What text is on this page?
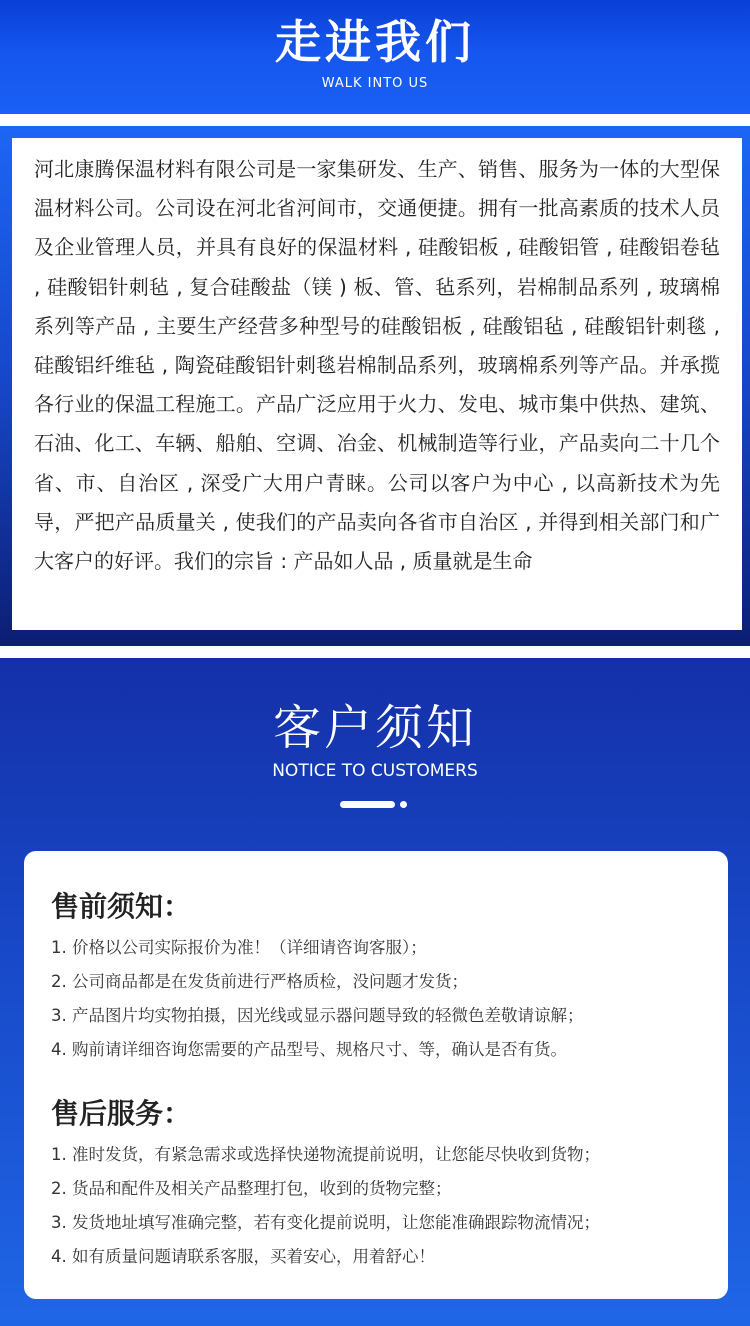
走进我们
WALK INTO US

河北康腾保温材料有限公司是一家集研发、生产、销售、服务为一体的大型保温材料公司。公司设在河北省河间市，交通便捷。拥有一批高素质的技术人员及企业管理人员，并具有良好的保温材料 , 硅酸铝板 , 硅酸铝管 , 硅酸铝卷毡 , 硅酸铝针刺毡 , 复合硅酸盐（镁 ) 板、管、毡系列，岩棉制品系列 , 玻璃棉系列等产品 , 主要生产经营多种型号的硅酸铝板 , 硅酸铝毡 , 硅酸铝针刺毯 , 硅酸铝纤维毡 , 陶瓷硅酸铝针刺毯岩棉制品系列，玻璃棉系列等产品。并承揽各行业的保温工程施工。产品广泛应用于火力、发电、城市集中供热、建筑、石油、化工、车辆、船舶、空调、冶金、机械制造等行业，产品卖向二十几个省、市、自治区 , 深受广大用户青睐。公司以客户为中心 , 以高新技术为先导，严把产品质量关 , 使我们的产品卖向各省市自治区 , 并得到相关部门和广大客户的好评。我们的宗旨 : 产品如人品 , 质量就是生命

客户须知
NOTICE TO CUSTOMERS
售前须知：
1. 价格以公司实际报价为准！（详细请咨询客服）；
2. 公司商品都是在发货前进行严格质检，没问题才发货；
3. 产品图片均实物拍摄，因光线或显示器问题导致的轻微色差敬请谅解；
4. 购前请详细咨询您需要的产品型号、规格尺寸、等，确认是否有货。
售后服务：
1. 准时发货，有紧急需求或选择快递物流提前说明，让您能尽快收到货物；
2. 货品和配件及相关产品整理打包，收到的货物完整；
3. 发货地址填写准确完整，若有变化提前说明，让您能准确跟踪物流情况；
4. 如有质量问题请联系客服，买着安心，用着舒心！
